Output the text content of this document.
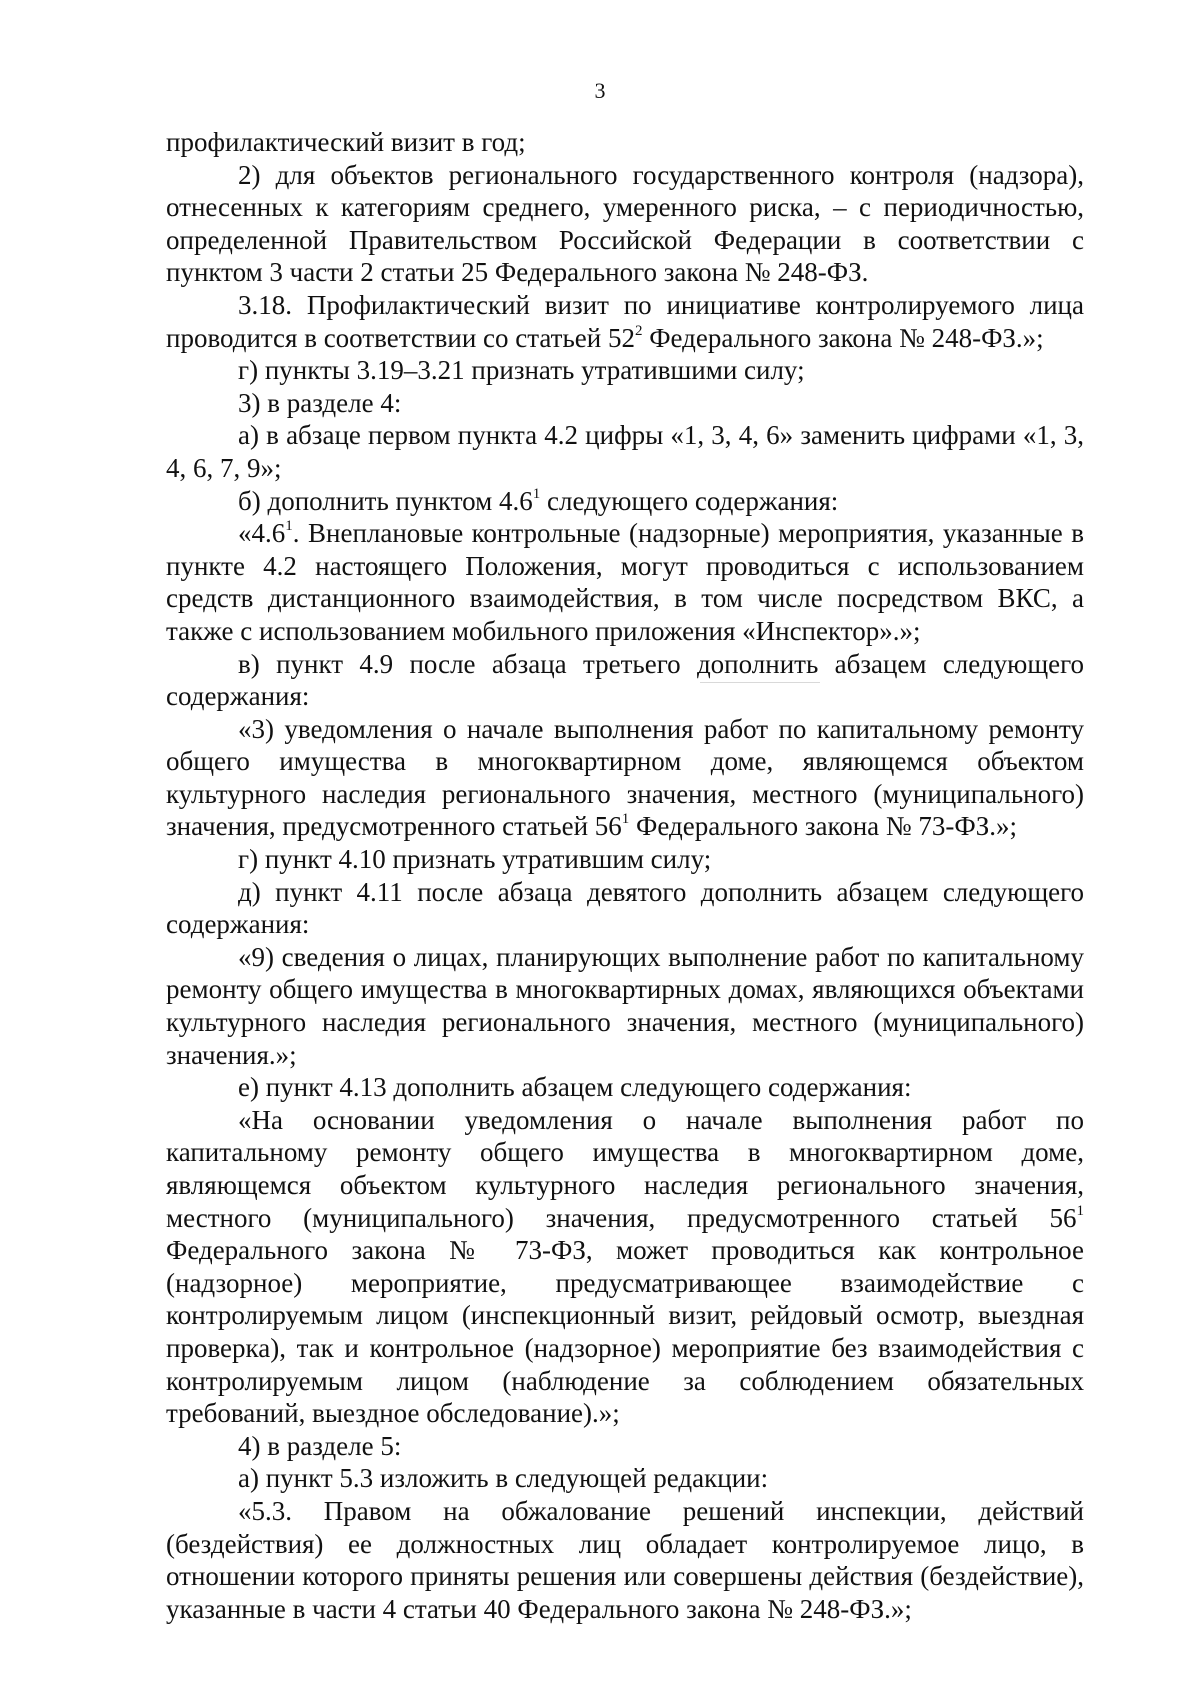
3

профилактический визит в год;

2) для объектов регионального государственного контроля (надзора), отнесенных к категориям среднего, умеренного риска, – с периодичностью, определенной Правительством Российской Федерации в соответствии с пунктом 3 части 2 статьи 25 Федерального закона № 248-ФЗ.

3.18. Профилактический визит по инициативе контролируемого лица проводится в соответствии со статьей $52^2$ Федерального закона № 248-ФЗ.»;

г) пункты 3.19–3.21 признать утратившими силу;

3) в разделе 4:

а) в абзаце первом пункта 4.2 цифры «1, 3, 4, 6» заменить цифрами «1, 3, 4, 6, 7, 9»;

б) дополнить пунктом $4.6^1$ следующего содержания:

«$4.6^1$. Внеплановые контрольные (надзорные) мероприятия, указанные в пункте 4.2 настоящего Положения, могут проводиться с использованием средств дистанционного взаимодействия, в том числе посредством ВКС, а также с использованием мобильного приложения «Инспектор».»;

в) пункт 4.9 после абзаца третьего дополнить абзацем следующего содержания:

«3) уведомления о начале выполнения работ по капитальному ремонту общего имущества в многоквартирном доме, являющемся объектом культурного наследия регионального значения, местного (муниципального) значения, предусмотренного статьей $56^1$ Федерального закона № 73-ФЗ.»;

г) пункт 4.10 признать утратившим силу;

д) пункт 4.11 после абзаца девятого дополнить абзацем следующего содержания:

«9) сведения о лицах, планирующих выполнение работ по капитальному ремонту общего имущества в многоквартирных домах, являющихся объектами культурного наследия регионального значения, местного (муниципального) значения.»;

е) пункт 4.13 дополнить абзацем следующего содержания:

«На основании уведомления о начале выполнения работ по капитальному ремонту общего имущества в многоквартирном доме, являющемся объектом культурного наследия регионального значения, местного (муниципального) значения, предусмотренного статьей $56^1$ Федерального закона № 73-ФЗ, может проводиться как контрольное (надзорное) мероприятие, предусматривающее взаимодействие с контролируемым лицом (инспекционный визит, рейдовый осмотр, выездная проверка), так и контрольное (надзорное) мероприятие без взаимодействия с контролируемым лицом (наблюдение за соблюдением обязательных требований, выездное обследование).»;

4) в разделе 5:

а) пункт 5.3 изложить в следующей редакции:

«5.3. Правом на обжалование решений инспекции, действий (бездействия) ее должностных лиц обладает контролируемое лицо, в отношении которого приняты решения или совершены действия (бездействие), указанные в части 4 статьи 40 Федерального закона № 248-ФЗ.»;
